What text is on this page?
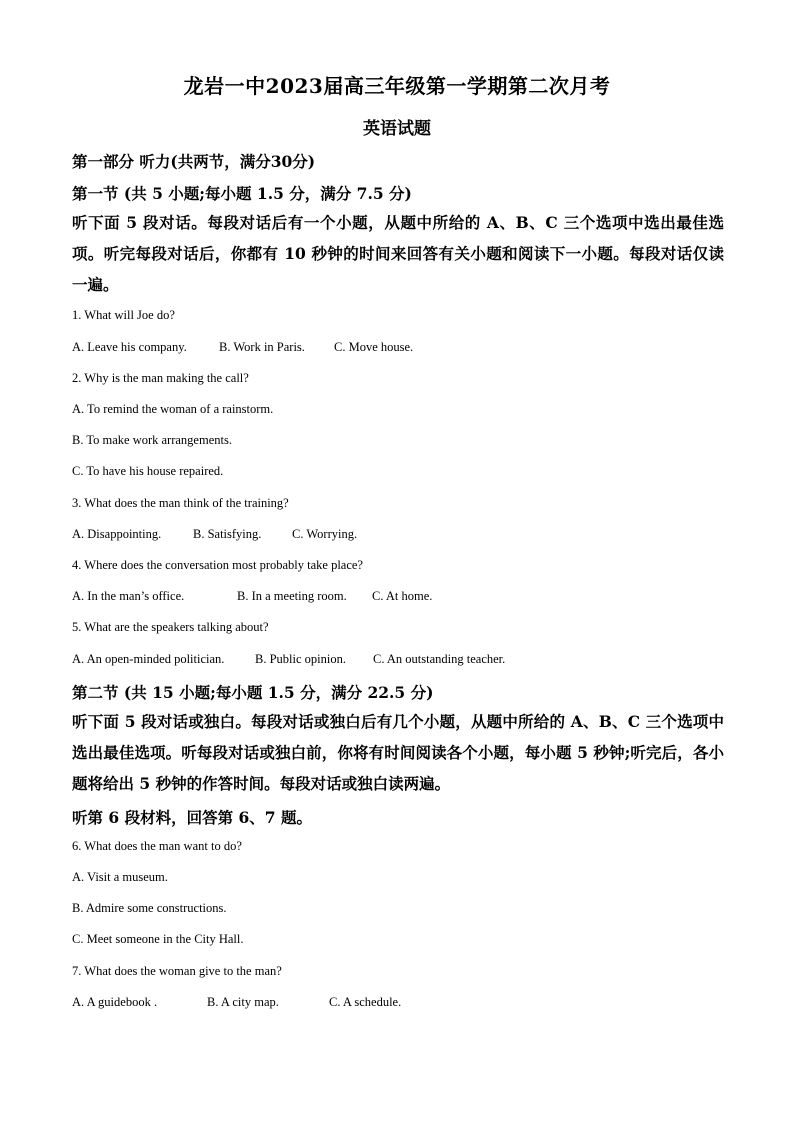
龙岩一中2023届高三年级第一学期第二次月考
英语试题
第一部分 听力(共两节，满分30分)
第一节 (共 5 小题;每小题 1.5 分，满分 7.5 分)
听下面 5 段对话。每段对话后有一个小题，从题中所给的 A、B、C 三个选项中选出最佳选项。听完每段对话后，你都有 10 秒钟的时间来回答有关小题和阅读下一小题。每段对话仅读一遍。
1. What will Joe do?
A. Leave his company.	B. Work in Paris. C. Move house.
2. Why is the man making the call?
A. To remind the woman of a rainstorm.
B. To make work arrangements.
C. To have his house repaired.
3. What does the man think of the training?
A. Disappointing.	B. Satisfying. C. Worrying.
4. Where does the conversation most probably take place?
A. In the man’s office.	B. In a meeting room. C. At home.
5. What are the speakers talking about?
A. An open-minded politician. B. Public opinion. C. An outstanding teacher.
第二节 (共 15 小题;每小题 1.5 分，满分 22.5 分)
听下面 5 段对话或独白。每段对话或独白后有几个小题，从题中所给的 A、B、C 三个选项中选出最佳选项。听每段对话或独白前，你将有时间阅读各个小题，每小题 5 秒钟;听完后，各小题将给出 5 秒钟的作答时间。每段对话或独白读两遍。
听第 6 段材料，回答第 6、7 题。
6. What does the man want to do?
A. Visit a museum.
B. Admire some constructions.
C. Meet someone in the City Hall.
7. What does the woman give to the man?
A. A guidebook .	B. A city map.	C. A schedule.
